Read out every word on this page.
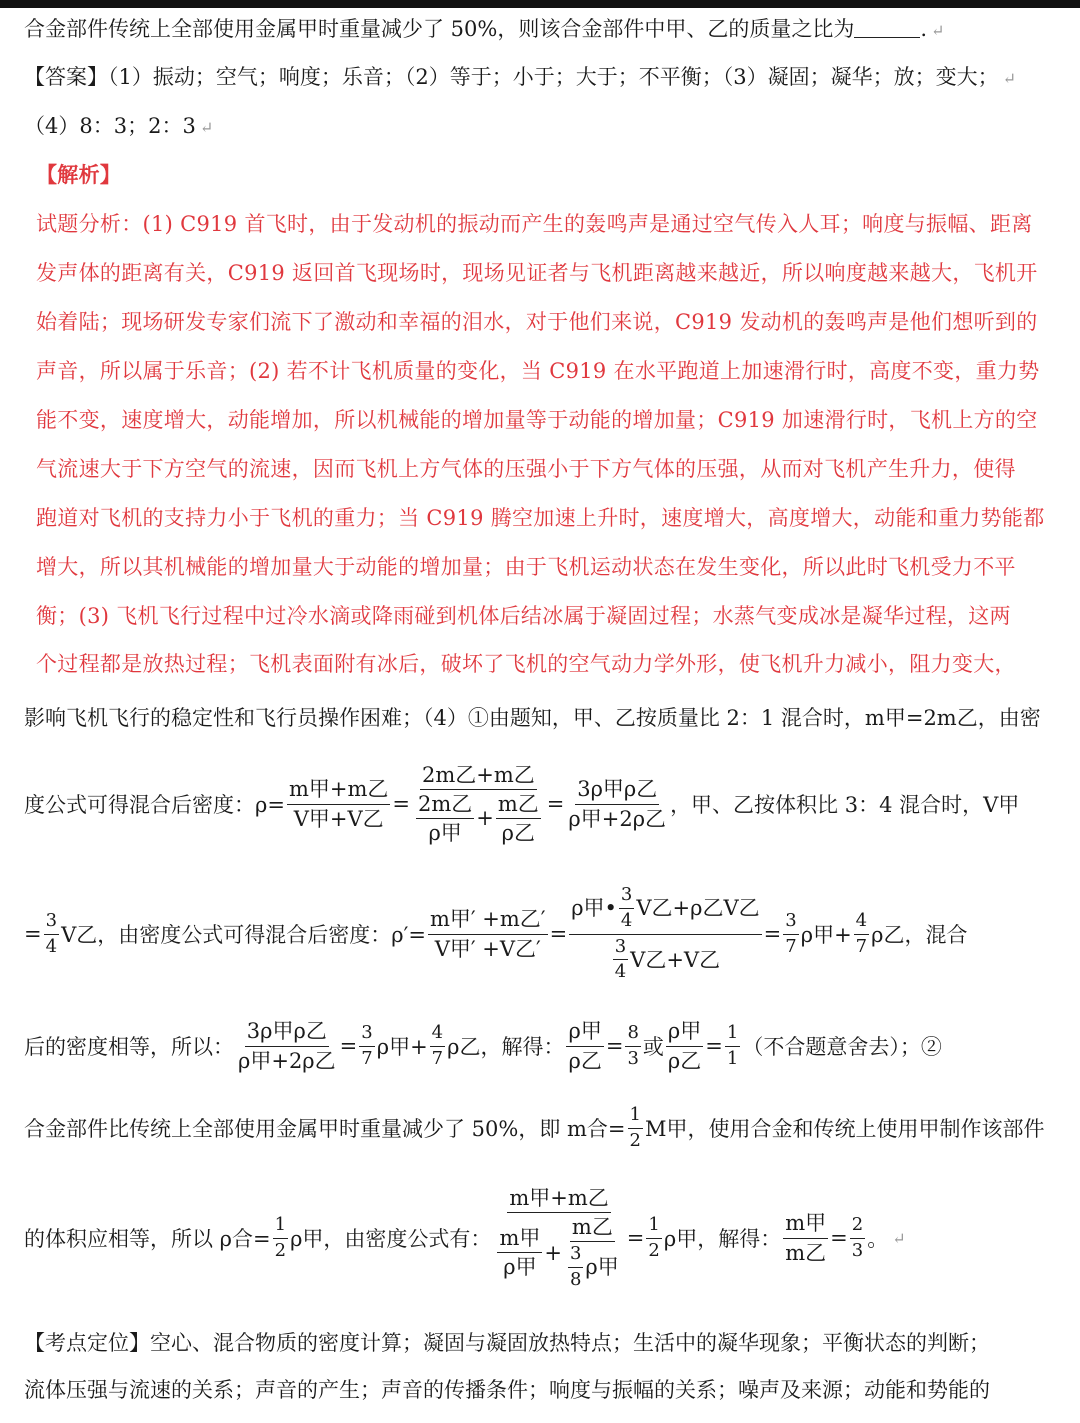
合金部件传统上全部使用金属甲时重量减少了 50%，则该合金部件中甲、乙的质量之比为	. ↵
【答案】（1）振动；空气；响度；乐音；（2）等于；小于；大于；不平衡；（3）凝固；凝华；放；变大； ↵
（4）8：3；2：3 ↵
【解析】
试题分析：(1) C919 首飞时，由于发动机的振动而产生的轰鸣声是通过空气传入人耳；响度与振幅、距离
发声体的距离有关，C919 返回首飞现场时，现场见证者与飞机距离越来越近，所以响度越来越大，飞机开
始着陆；现场研发专家们流下了激动和幸福的泪水，对于他们来说，C919 发动机的轰鸣声是他们想听到的
声音，所以属于乐音；(2) 若不计飞机质量的变化，当 C919 在水平跑道上加速滑行时，高度不变，重力势
能不变，速度增大，动能增加，所以机械能的增加量等于动能的增加量；C919 加速滑行时，飞机上方的空
气流速大于下方空气的流速，因而飞机上方气体的压强小于下方气体的压强，从而对飞机产生升力，使得
跑道对飞机的支持力小于飞机的重力；当 C919 腾空加速上升时，速度增大，高度增大，动能和重力势能都
增大，所以其机械能的增加量大于动能的增加量；由于飞机运动状态在发生变化，所以此时飞机受力不平
衡；(3) 飞机飞行过程中过冷水滴或降雨碰到机体后结冰属于凝固过程；水蒸气变成冰是凝华过程，这两
个过程都是放热过程；飞机表面附有冰后，破坏了飞机的空气动力学外形，使飞机升力减小，阻力变大，
影响飞机飞行的稳定性和飞行员操作困难；（4）①由题知，甲、乙按质量比 2：1 混合时，m甲=2m乙，由密
度公式可得混合后密度：$\rho= \frac{\text{m甲+m乙}}{\text{V甲+V乙}} = \frac{\text{2m乙+m乙}}{\frac{\text{2m乙}}{\text{ρ甲}} + \frac{\text{m乙}}{\text{ρ乙}}} = \frac{\text{3ρ甲ρ乙}}{\text{ρ甲+2ρ乙}}$ ，甲、乙按体积比 3：4 混合时，V甲
= $\frac{3}{4}$ V乙，由密度公式可得混合后密度：$\rho'= \frac{\text{m甲′ +m乙′}}{\text{V甲′ +V乙′}} = \frac{\rho 甲• \frac{3}{4} V乙+\rho 乙V乙}{\frac{3}{4} V乙+V乙} = \frac{3}{7}$ ρ甲+ $\frac{4}{7}$ ρ乙 ，混合
后的密度相等，所以： $\frac{\text{3ρ甲ρ乙}}{\text{ρ甲+2ρ乙}} = \frac{3}{7}$ ρ甲+ $\frac{4}{7}$ ρ乙 ，解得： $\frac{\text{ρ甲}}{\text{ρ乙}} = \frac{8}{3}$ 或 $\frac{\text{ρ甲}}{\text{ρ乙}} = \frac{1}{1}$ （不合题意舍去）；②
合金部件比传统上全部使用金属甲时重量减少了 50%，即 m合= $\frac{1}{2}$ M甲，使用合金和传统上使用甲制作该部件
的体积应相等，所以 ρ合= $\frac{1}{2}$ ρ甲，由密度公式有：
m甲+m乙
$\frac{\text{m甲}}{\text{ρ甲}} + \frac{\text{m乙}}{\frac{3}{8} \rho 甲} = \frac{1}{2}$ ρ甲 ，解得： $\frac{\text{m甲}}{\text{m乙}} = \frac{2}{3}$ 。 ↵
【考点定位】空心、混合物质的密度计算；凝固与凝固放热特点；生活中的凝华现象；平衡状态的判断；
流体压强与流速的关系；声音的产生；声音的传播条件；响度与振幅的关系；噪声及来源；动能和势能的
